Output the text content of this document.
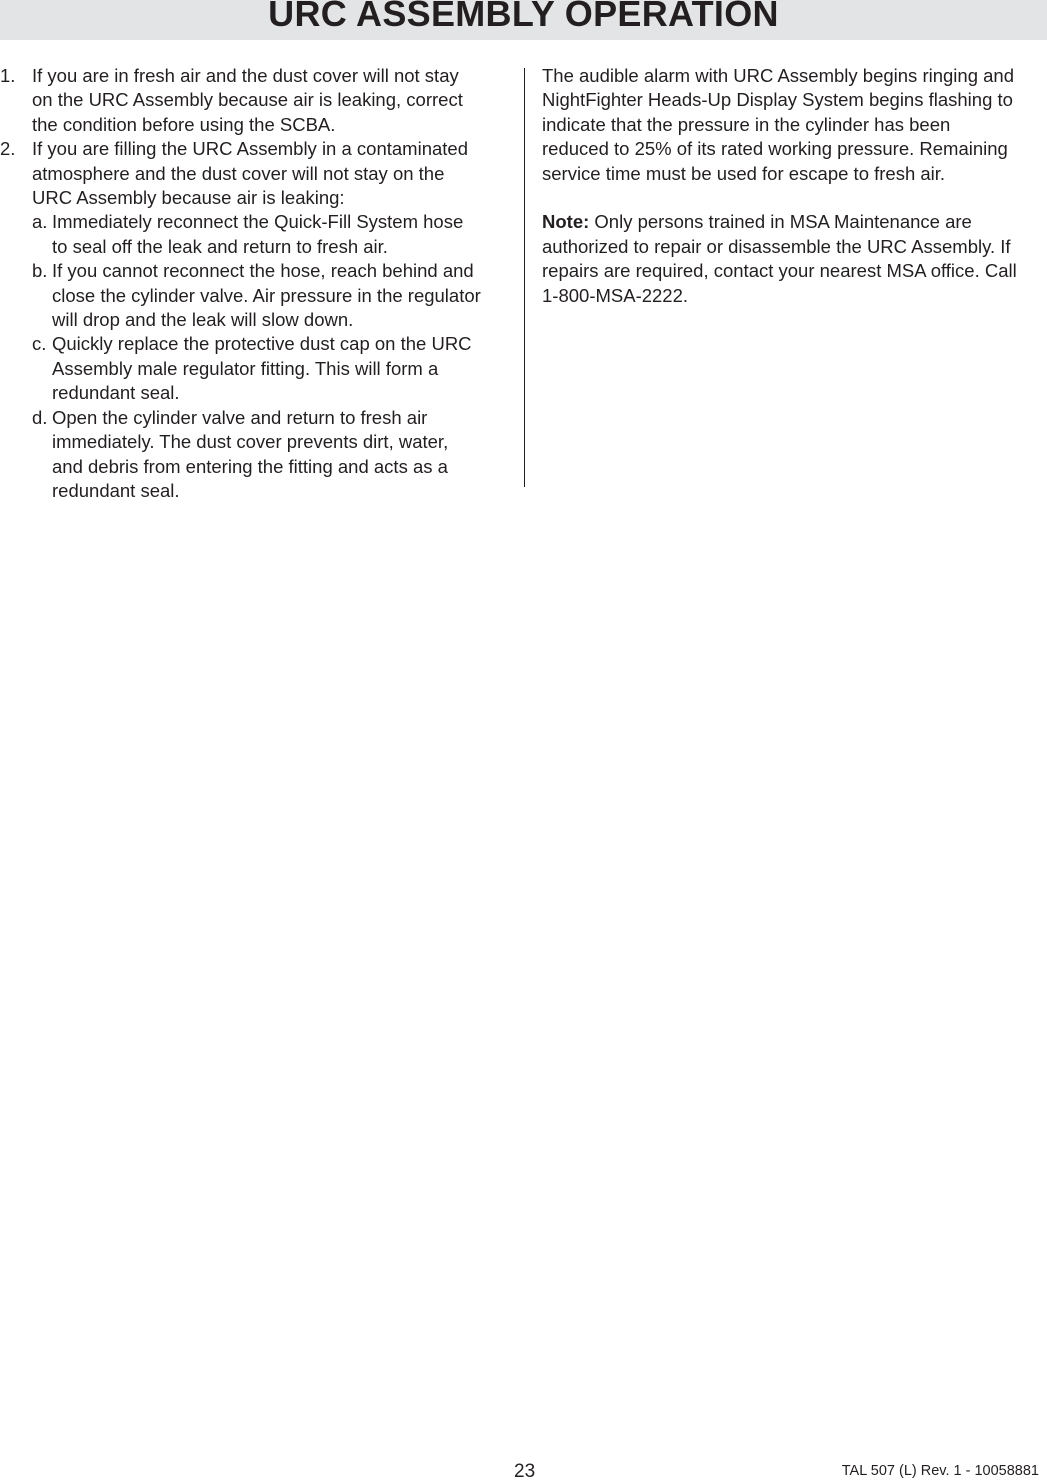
URC ASSEMBLY OPERATION
1. If you are in fresh air and the dust cover will not stay
on the URC Assembly because air is leaking, correct
the condition before using the SCBA.
2. If you are filling the URC Assembly in a contaminated
atmosphere and the dust cover will not stay on the
URC Assembly because air is leaking:
a. Immediately reconnect the Quick-Fill System hose
to seal off the leak and return to fresh air.
b. If you cannot reconnect the hose, reach behind and
close the cylinder valve. Air pressure in the regulator
will drop and the leak will slow down.
c. Quickly replace the protective dust cap on the URC
Assembly male regulator fitting. This will form a
redundant seal.
d. Open the cylinder valve and return to fresh air
immediately. The dust cover prevents dirt, water,
and debris from entering the fitting and acts as a
redundant seal.

The audible alarm with URC Assembly begins ringing and
NightFighter Heads-Up Display System begins flashing to
indicate that the pressure in the cylinder has been
reduced to 25% of its rated working pressure. Remaining
service time must be used for escape to fresh air.

Note: Only persons trained in MSA Maintenance are
authorized to repair or disassemble the URC Assembly. If
repairs are required, contact your nearest MSA office. Call
1-800-MSA-2222.

23	TAL 507 (L) Rev. 1 - 10058881
